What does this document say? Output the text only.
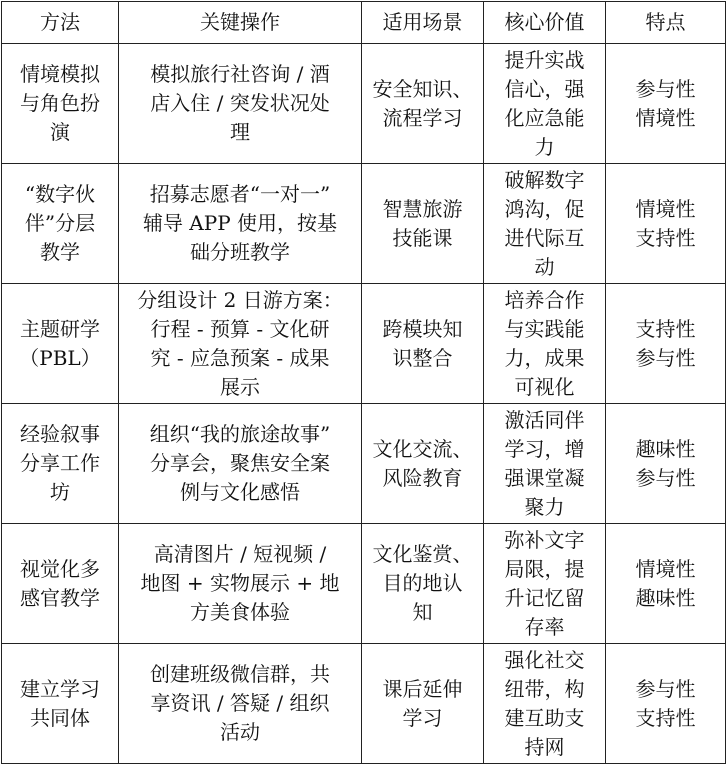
方法	关键操作	适用场景	核心价值	特点

情境模拟
与角色扮
演	模拟旅行社咨询 / 酒
店入住 / 突发状况处
理	安全知识、
流程学习	提升实战
信心，强
化应急能
力	参与性
情境性

“数字伙
伴”分层
教学	招募志愿者“一对一”
辅导 APP 使用，按基
础分班教学	智慧旅游
技能课	破解数字
鸿沟，促
进代际互
动	情境性
支持性

主题研学
（PBL）	分组设计 2 日游方案：
行程 - 预算 - 文化研
究 - 应急预案 - 成果
展示	跨模块知
识整合	培养合作
与实践能
力，成果
可视化	支持性
参与性

经验叙事
分享工作
坊	组织“我的旅途故事”
分享会，聚焦安全案
例与文化感悟	文化交流、
风险教育	激活同伴
学习，增
强课堂凝
聚力	趣味性
参与性

视觉化多
感官教学	高清图片 / 短视频 /
地图 + 实物展示 + 地
方美食体验	文化鉴赏、
目的地认
知	弥补文字
局限，提
升记忆留
存率	情境性
趣味性

建立学习
共同体	创建班级微信群，共
享资讯 / 答疑 / 组织
活动	课后延伸
学习	强化社交
纽带，构
建互助支
持网	参与性
支持性
